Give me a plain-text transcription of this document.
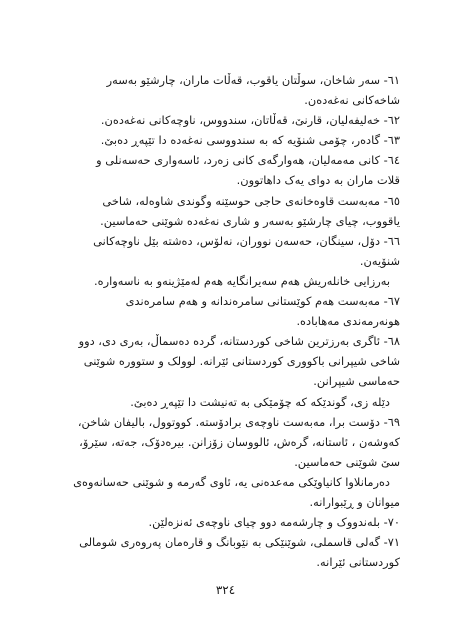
٦١- سەر شاخان، سوڵتان یاقوب، قەڵات ماران، چارشێو بەسەر
شاخەکانی نەغەدەن.
٦٢- خەلیفەلیان، قارنێ، قەڵاتان، سندووس، ناوچەکانی نەغەدەن.
٦٣- گادەر، چۆمی شنۆیە کە بە سندووسی نەغەدە دا تێپەڕ دەبێ.
٦٤- کانی مەمەلیان، هەوارگەی کانی زەرد، ئاسەواری حەسەنلی و
قلات ماران بە دوای یەک داهاتوون.
٦٥- مەبەست قاوەخانەی حاجی حوسێنە وگوندی شاوەلە، شاخی
یاقووب، چیای چارشێو بەسەر و شاری نەغەدە شوێنی حەماسین.
٦٦- دۆل، سینگان، حەسەن نووران، نەلۆس، دەشتە بێل ناوچەکانی
شنۆیەن.
بەرزایی خانلەریش هەم سەیرانگایە هەم لەمێژینەو بە ناسەوارە.
٦٧- مەبەست هەم کوێستانی سامرەندانە و هەم سامرەندی
هونەرمەندی مەهابادە.
٦٨- ئاگری بەرزترین شاخی کوردستانە، گردە دەسماڵ، بەری دی، دوو
شاخی شیپرانی باکووری کوردستانی ئێرانە. لوولک و ستووره شوێنی
حەماسی شیپرانن.
دێلە زی، گوندێکە کە چۆمێکی بە تەنیشت دا تێپەڕ دەبێ.
٦٩- دۆست برا، مەبەست ناوچەی برادۆستە. کووتوول، بالیفان شاخن،
کەوشەن ، ئاستانە، گرەش، ئالووسان زۆزانن. بیرەدۆک، جەتە، سێرۆ،
سێ شوێنی حەماسین.
دەرمانلاوا کانیاوێکی مەعدەنی یە، ئاوی گەرمە و شوێنی حەسانەوەی
میوانان و ڕێبوارانە.
٧٠- بلەندووک و چارشەمە دوو چیای ناوچەی ئەنزەلێن.
٧١- گەلی قاسملی، شوێنێکی بە نێوبانگ و قارەمان پەروەری شومالی
کوردستانی ئێرانە.
٣٢٤
